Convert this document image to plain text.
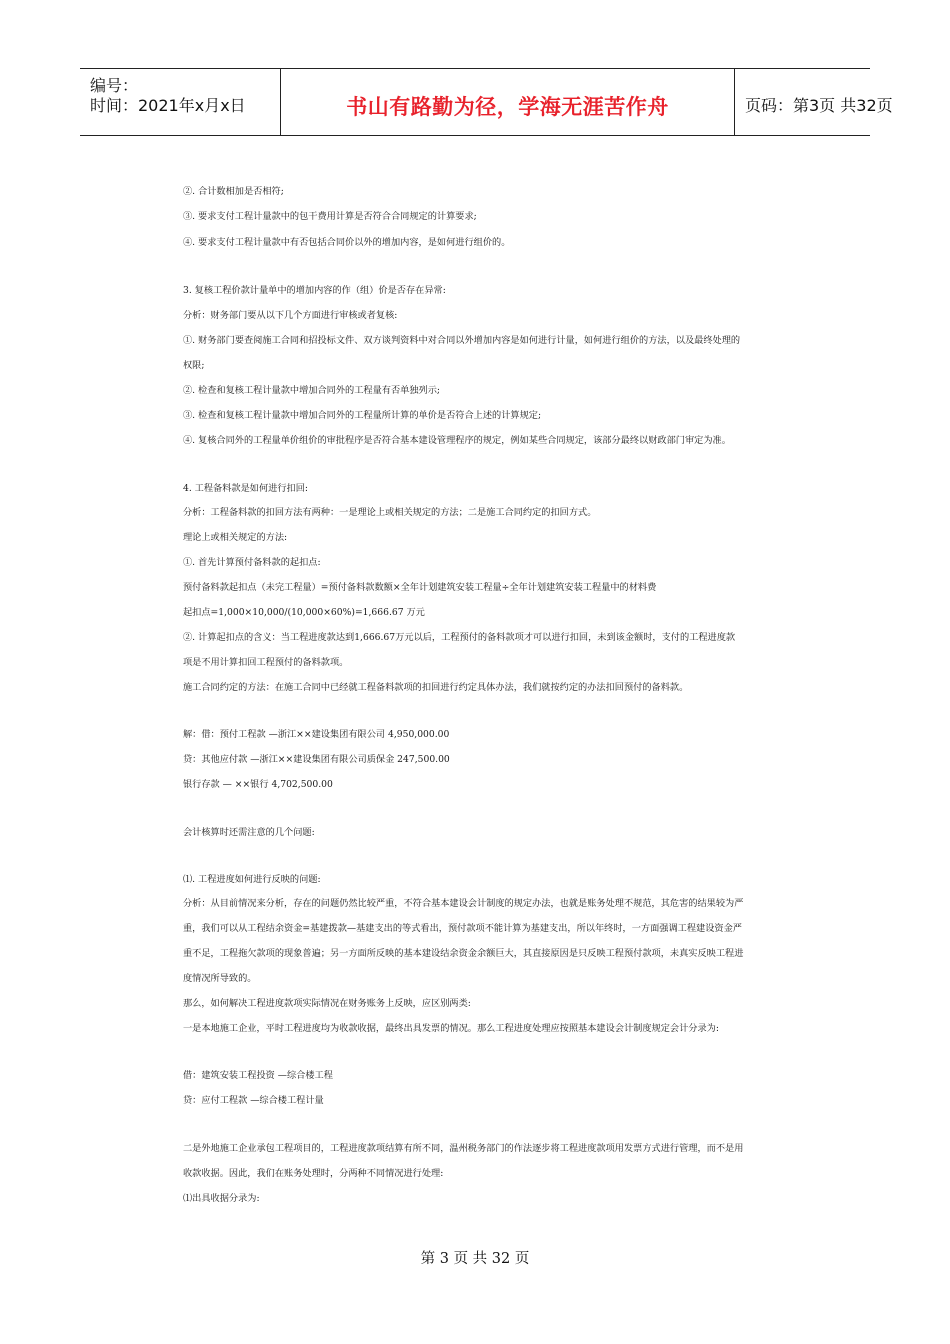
编号：
时间：2021年x月x日	书山有路勤为径，学海无涯苦作舟	页码：第3页 共32页
②. 合计数相加是否相符;
③. 要求支付工程计量款中的包干费用计算是否符合合同规定的计算要求;
④. 要求支付工程计量款中有否包括合同价以外的增加内容，是如何进行组价的。
3. 复核工程价款计量单中的增加内容的作（组）价是否存在异常:
分析：财务部门要从以下几个方面进行审核或者复核:
①. 财务部门要查阅施工合同和招投标文件、双方谈判资料中对合同以外增加内容是如何进行计量，如何进行组价的方法，以及最终处理的
权限;
②. 检查和复核工程计量款中增加合同外的工程量有否单独列示;
③. 检查和复核工程计量款中增加合同外的工程量所计算的单价是否符合上述的计算规定;
④. 复核合同外的工程量单价组价的审批程序是否符合基本建设管理程序的规定，例如某些合同规定，该部分最终以财政部门审定为准。
4. 工程备料款是如何进行扣回:
分析：工程备料款的扣回方法有两种：一是理论上或相关规定的方法；二是施工合同约定的扣回方式。
理论上或相关规定的方法:
①. 首先计算预付备料款的起扣点:
预付备料款起扣点（未完工程量）=预付备料款数额×全年计划建筑安装工程量÷全年计划建筑安装工程量中的材料费
起扣点=1,000×10,000/(10,000×60%)=1,666.67 万元
②. 计算起扣点的含义：当工程进度款达到1,666.67万元以后，工程预付的备料款项才可以进行扣回，未到该金额时，支付的工程进度款
项是不用计算扣回工程预付的备料款项。
施工合同约定的方法：在施工合同中已经就工程备料款项的扣回进行约定具体办法，我们就按约定的办法扣回预付的备料款。
解：借：预付工程款 —浙江××建设集团有限公司 4,950,000.00
贷：其他应付款 —浙江××建设集团有限公司质保金 247,500.00
银行存款 — ××银行 4,702,500.00
会计核算时还需注意的几个问题:
⑴. 工程进度如何进行反映的问题:
分析：从目前情况来分析，存在的问题仍然比较严重，不符合基本建设会计制度的规定办法，也就是账务处理不规范，其危害的结果较为严
重，我们可以从工程结余资金=基建拨款—基建支出的等式看出，预付款项不能计算为基建支出，所以年终时，一方面强调工程建设资金严
重不足，工程拖欠款项的现象普遍；另一方面所反映的基本建设结余资金余额巨大，其直接原因是只反映工程预付款项，未真实反映工程进
度情况所导致的。
那么，如何解决工程进度款项实际情况在财务账务上反映，应区别两类:
一是本地施工企业，平时工程进度均为收款收据，最终出具发票的情况。那么工程进度处理应按照基本建设会计制度规定会计分录为:
借：建筑安装工程投资 —综合楼工程
贷：应付工程款 —综合楼工程计量
二是外地施工企业承包工程项目的，工程进度款项结算有所不同，温州税务部门的作法逐步将工程进度款项用发票方式进行管理，而不是用
收款收据。因此，我们在账务处理时，分两种不同情况进行处理:
⑴出具收据分录为:
第 3 页 共 32 页
